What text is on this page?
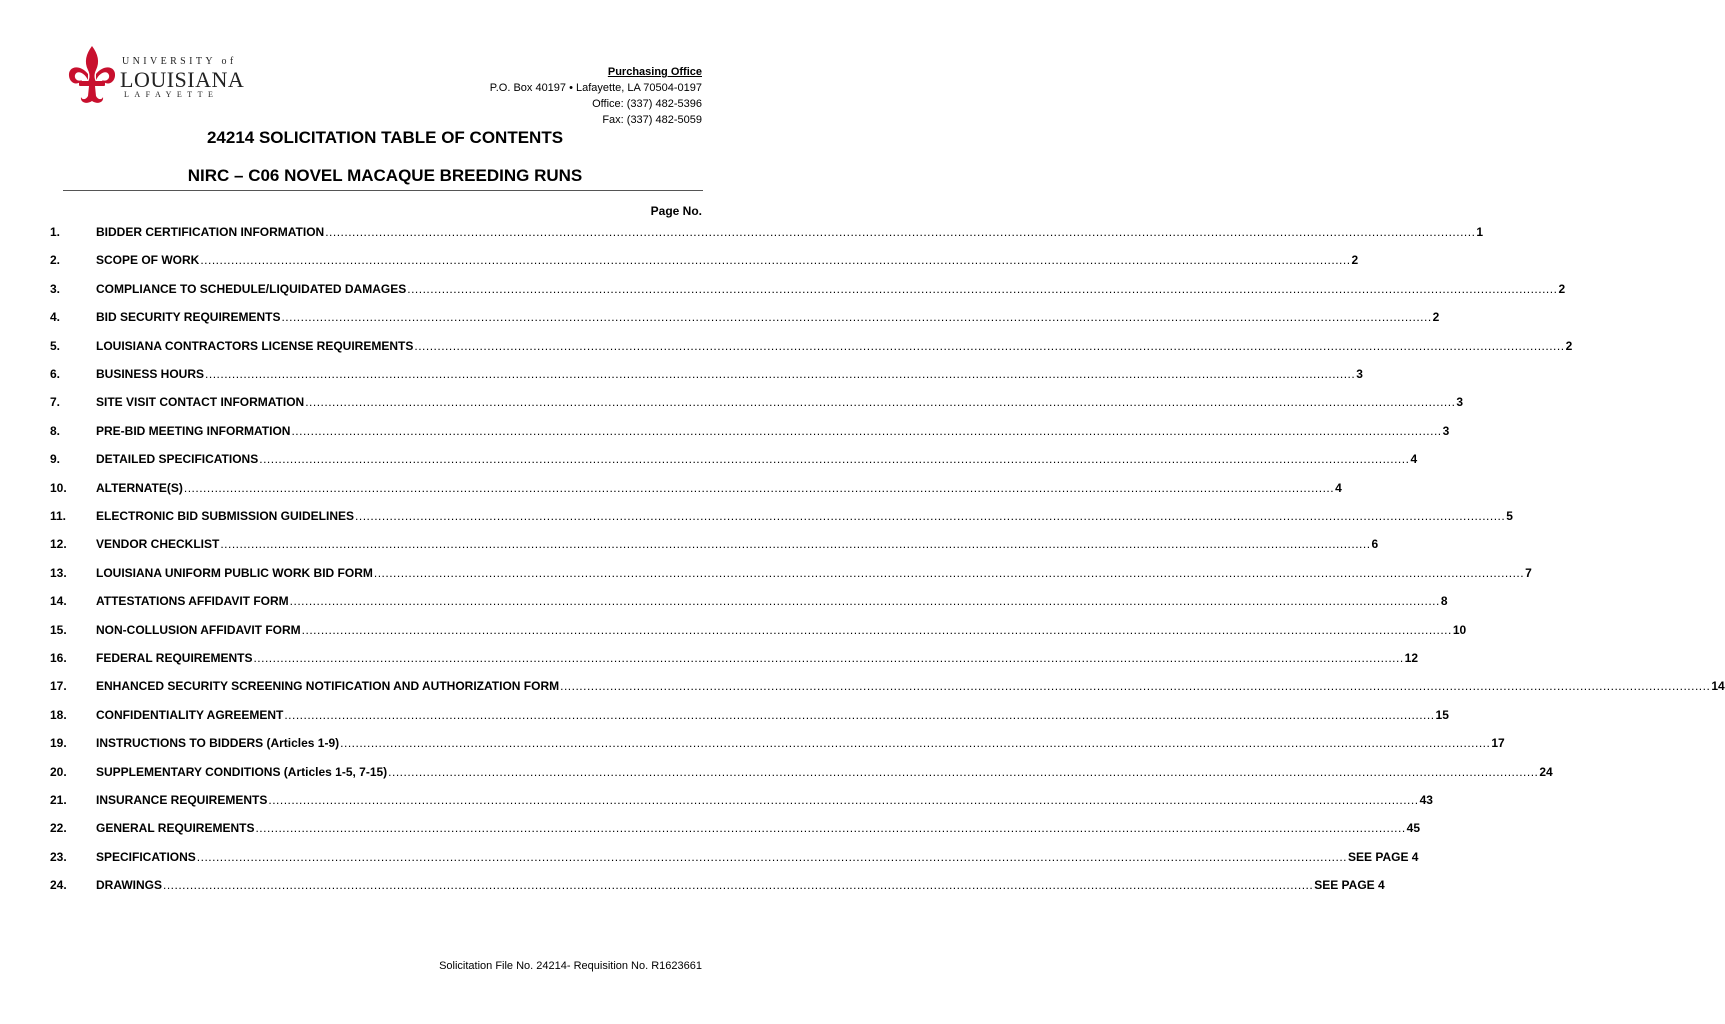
UNIVERSITY of
LOUISIANA
LAFAYETTE
Purchasing Office
P.O. Box 40197 • Lafayette, LA 70504-0197
Office: (337) 482-5396
Fax: (337) 482-5059
24214 SOLICITATION TABLE OF CONTENTS
NIRC – C06 NOVEL MACAQUE BREEDING RUNS
Page No.
1.	BIDDER CERTIFICATION INFORMATION ............................................................................................................................................................................................................................................................................................................ 1
2.	SCOPE OF WORK ............................................................................................................................................................................................................................................................................................................ 2
3.	COMPLIANCE TO SCHEDULE/LIQUIDATED DAMAGES ............................................................................................................................................................................................................................................................................................................ 2
4.	BID SECURITY REQUIREMENTS ............................................................................................................................................................................................................................................................................................................ 2
5.	LOUISIANA CONTRACTORS LICENSE REQUIREMENTS ............................................................................................................................................................................................................................................................................................................ 2
6.	BUSINESS HOURS ............................................................................................................................................................................................................................................................................................................ 3
7.	SITE VISIT CONTACT INFORMATION ............................................................................................................................................................................................................................................................................................................ 3
8.	PRE-BID MEETING INFORMATION ............................................................................................................................................................................................................................................................................................................ 3
9.	DETAILED SPECIFICATIONS ............................................................................................................................................................................................................................................................................................................ 4
10. ALTERNATE(S) ............................................................................................................................................................................................................................................................................................................ 4
11. ELECTRONIC BID SUBMISSION GUIDELINES ............................................................................................................................................................................................................................................................................................................ 5
12. VENDOR CHECKLIST ............................................................................................................................................................................................................................................................................................................ 6
13. LOUISIANA UNIFORM PUBLIC WORK BID FORM ............................................................................................................................................................................................................................................................................................................ 7
14. ATTESTATIONS AFFIDAVIT FORM ............................................................................................................................................................................................................................................................................................................ 8
15. NON-COLLUSION AFFIDAVIT FORM ............................................................................................................................................................................................................................................................................................................ 10
16. FEDERAL REQUIREMENTS ............................................................................................................................................................................................................................................................................................................ 12
17. ENHANCED SECURITY SCREENING NOTIFICATION AND AUTHORIZATION FORM ............................................................................................................................................................................................................................................................................................................ 14
18. CONFIDENTIALITY AGREEMENT ............................................................................................................................................................................................................................................................................................................ 15
19. INSTRUCTIONS TO BIDDERS (Articles 1-9) ............................................................................................................................................................................................................................................................................................................ 17
20. SUPPLEMENTARY CONDITIONS (Articles 1-5, 7-15) ............................................................................................................................................................................................................................................................................................................ 24
21. INSURANCE REQUIREMENTS ............................................................................................................................................................................................................................................................................................................ 43
22. GENERAL REQUIREMENTS ............................................................................................................................................................................................................................................................................................................ 45
23. SPECIFICATIONS ............................................................................................................................................................................................................................................................................................................ SEE PAGE 4
24. DRAWINGS ............................................................................................................................................................................................................................................................................................................ SEE PAGE 4
Solicitation File No. 24214- Requisition No. R1623661
